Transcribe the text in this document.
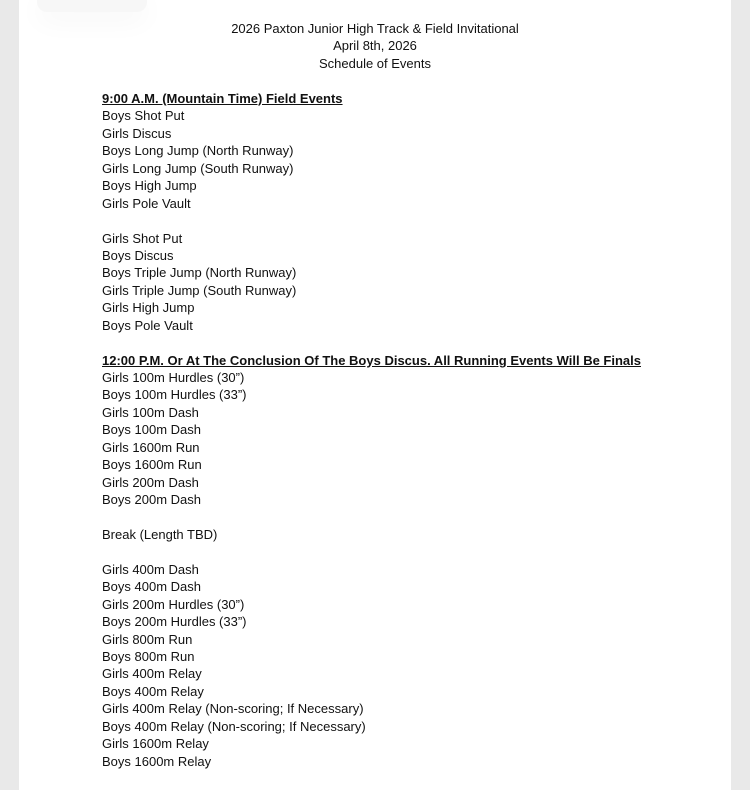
2026 Paxton Junior High Track & Field Invitational
April 8th, 2026
Schedule of Events
9:00 A.M. (Mountain Time) Field Events
Boys Shot Put
Girls Discus
Boys Long Jump (North Runway)
Girls Long Jump (South Runway)
Boys High Jump
Girls Pole Vault
Girls Shot Put
Boys Discus
Boys Triple Jump (North Runway)
Girls Triple Jump (South Runway)
Girls High Jump
Boys Pole Vault
12:00 P.M. Or At The Conclusion Of The Boys Discus. All Running Events Will Be Finals
Girls 100m Hurdles (30”)
Boys 100m Hurdles (33”)
Girls 100m Dash
Boys 100m Dash
Girls 1600m Run
Boys 1600m Run
Girls 200m Dash
Boys 200m Dash
Break (Length TBD)
Girls 400m Dash
Boys 400m Dash
Girls 200m Hurdles (30”)
Boys 200m Hurdles (33”)
Girls 800m Run
Boys 800m Run
Girls 400m Relay
Boys 400m Relay
Girls 400m Relay (Non-scoring; If Necessary)
Boys 400m Relay (Non-scoring; If Necessary)
Girls 1600m Relay
Boys 1600m Relay
